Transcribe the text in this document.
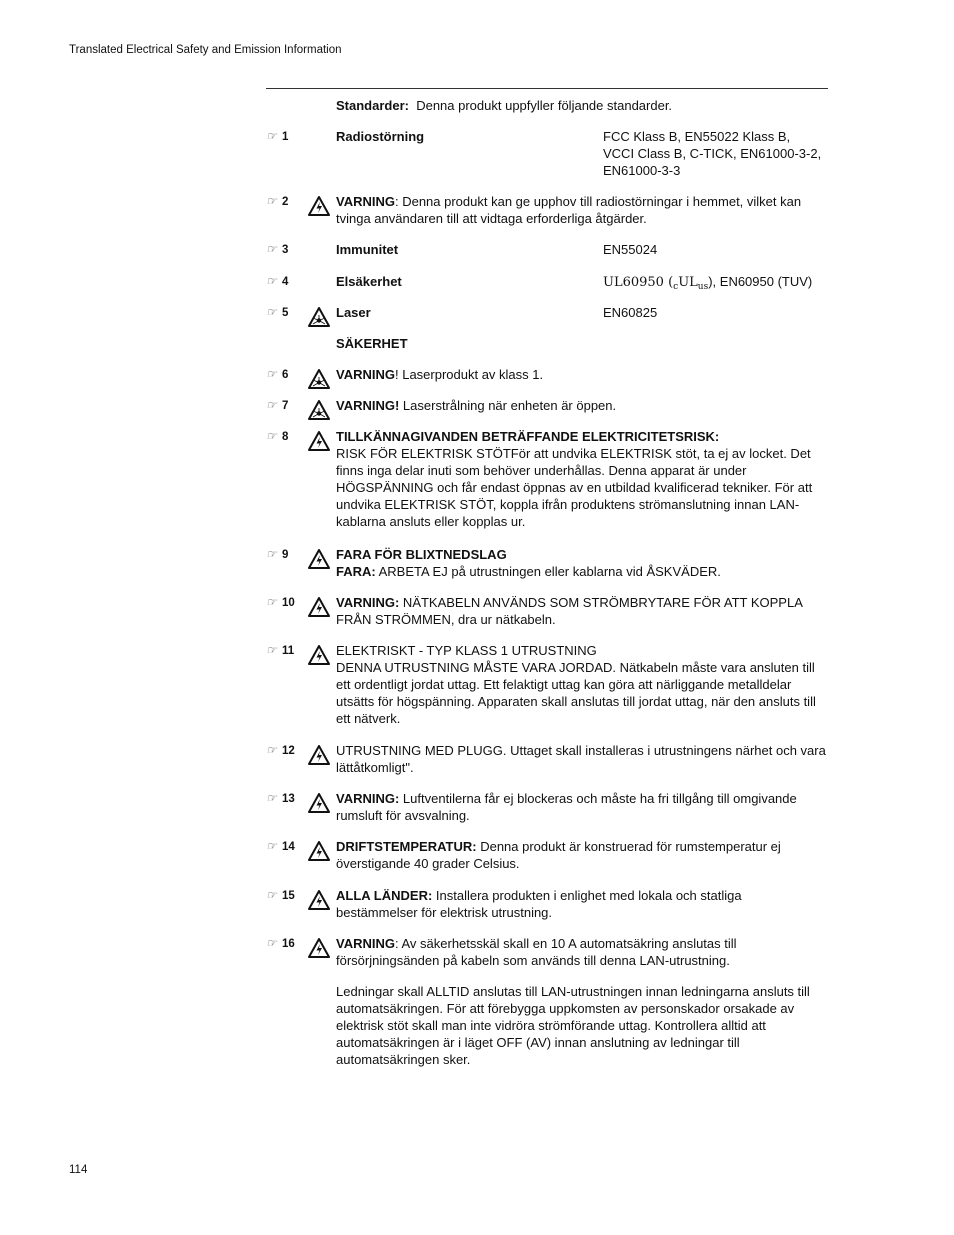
Translated Electrical Safety and Emission Information
Standarder: Denna produkt uppfyller följande standarder.
☞ 1	Radiostörning	FCC Klass B, EN55022 Klass B,
VCCI Class B, C-TICK, EN61000-3-2,
EN61000-3-3
☞ 2	VARNING: Denna produkt kan ge upphov till radiostörningar i hemmet, vilket kan tvinga användaren till att vidtaga erforderliga åtgärder.
☞ 3	Immunitet	EN55024
☞ 4	Elsäkerhet	UL60950 $(_cUL_{us})$, EN60950 (TUV)
☞ 5	Laser	EN60825
SÄKERHET
☞ 6	VARNING! Laserprodukt av klass 1.
☞ 7	VARNING! Laserstrålning när enheten är öppen.
☞ 8	TILLKÄNNAGIVANDEN BETRÄFFANDE ELEKTRICITETSRISK:
RISK FÖR ELEKTRISK STÖTFör att undvika ELEKTRISK stöt, ta ej av locket. Det finns inga delar inuti som behöver underhållas. Denna apparat är under HÖGSPÄNNING och får endast öppnas av en utbildad kvalificerad tekniker. För att undvika ELEKTRISK STÖT, koppla ifrån produktens strömanslutning innan LAN-kablarna ansluts eller kopplas ur.
☞ 9	FARA FÖR BLIXTNEDSLAG
FARA: ARBETA EJ på utrustningen eller kablarna vid ÅSKVÄDER.
☞ 10	VARNING: NÄTKABELN ANVÄNDS SOM STRÖMBRYTARE FÖR ATT KOPPLA FRÅN STRÖMMEN, dra ur nätkabeln.
☞ 11	ELEKTRISKT - TYP KLASS 1 UTRUSTNING
DENNA UTRUSTNING MÅSTE VARA JORDAD. Nätkabeln måste vara ansluten till ett ordentligt jordat uttag. Ett felaktigt uttag kan göra att närliggande metalldelar utsätts för högspänning. Apparaten skall anslutas till jordat uttag, när den ansluts till ett nätverk.
☞ 12	UTRUSTNING MED PLUGG. Uttaget skall installeras i utrustningens närhet och vara lättåtkomligt".
☞ 13	VARNING: Luftventilerna får ej blockeras och måste ha fri tillgång till omgivande rumsluft för avsvalning.
☞ 14	DRIFTSTEMPERATUR: Denna produkt är konstruerad för rumstemperatur ej överstigande 40 grader Celsius.
☞ 15	ALLA LÄNDER: Installera produkten i enlighet med lokala och statliga bestämmelser för elektrisk utrustning.
☞ 16	VARNING: Av säkerhetsskäl skall en 10 A automatsäkring anslutas till försörjningsänden på kabeln som används till denna LAN-utrustning.
Ledningar skall ALLTID anslutas till LAN-utrustningen innan ledningarna ansluts till automatsäkringen. För att förebygga uppkomsten av personskador orsakade av elektrisk stöt skall man inte vidröra strömförande uttag. Kontrollera alltid att automatsäkringen är i läget OFF (AV) innan anslutning av ledningar till automatsäkringen sker.
114
